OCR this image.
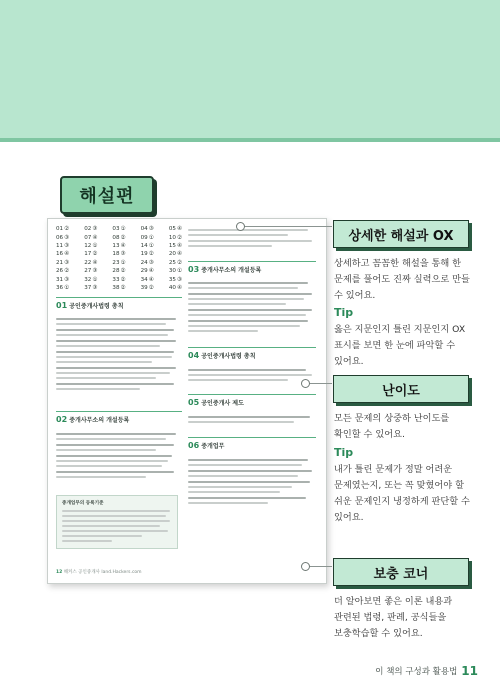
해설편
01 ②	02 ③	03 ①	04 ③	05 ④
06 ③	07 ④	08 ②	09 ①	10 ②
11 ③	12 ①	13 ④	14 ①	15 ④
16 ④	17 ②	18 ③	19 ②	20 ④
21 ③	22 ④	23 ①	24 ③	25 ②
26 ②	27 ③	28 ②	29 ④	30 ①
31 ③	32 ①	33 ②	34 ④	35 ③
36 ①	37 ③	38 ②	39 ②	40 ④
01 공인중개사법령 총칙
02 중개사무소의 개설등록
중개업무의 등록기준
12 해커스 공인중개사 land.Hackers.com
03 중개사무소의 개설등록
04 공인중개사법령 총칙
05 공인중개사 제도
06 중개업무
상세한 해설과 OX
상세하고 꼼꼼한 해설을 통해 한 문제를 풀어도 진짜 실력으로 만들 수 있어요.
Tip
옳은 지문인지 틀린 지문인지 OX 표시를 보면 한 눈에 파악할 수 있어요.
난이도
모든 문제의 상중하 난이도를 확인할 수 있어요.
Tip
내가 틀린 문제가 정말 어려운 문제였는지, 또는 꼭 맞혔어야 할 쉬운 문제인지 냉정하게 판단할 수 있어요.
보충 코너
더 알아보면 좋은 이론 내용과 관련된 법령, 판례, 공식들을 보충학습할 수 있어요.
이 책의 구성과 활용법 11
